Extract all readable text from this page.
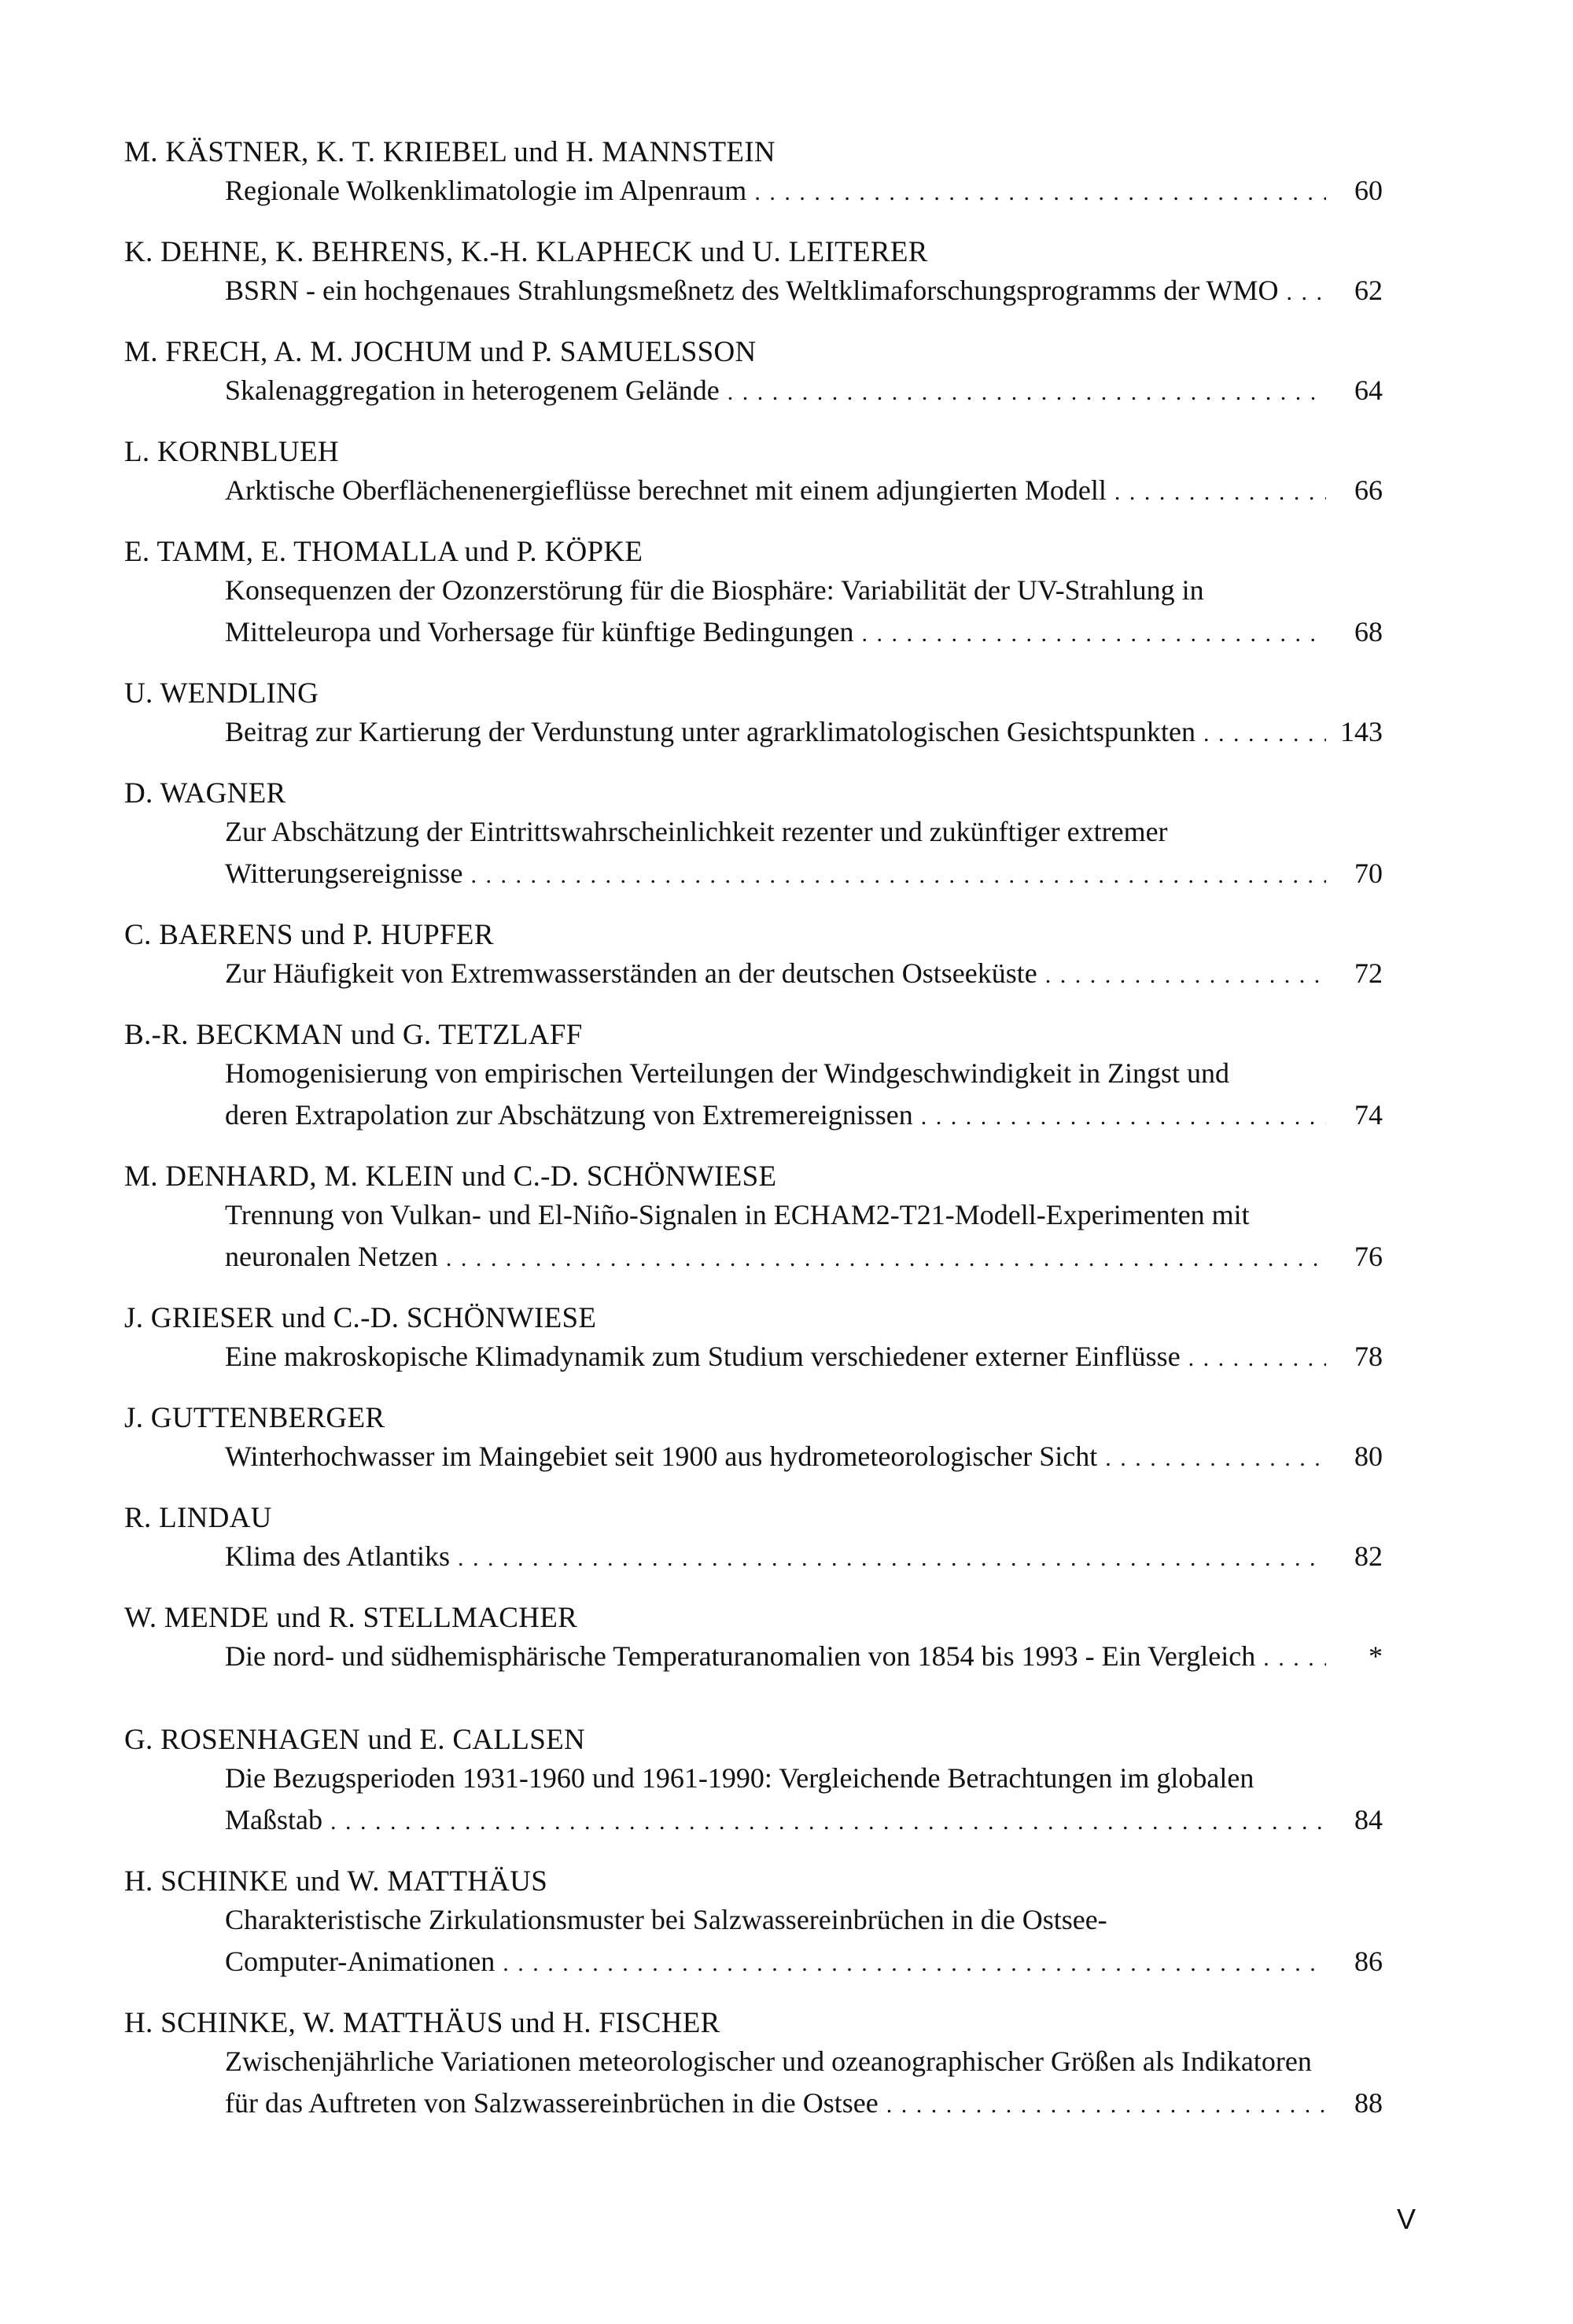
M. KÄSTNER, K. T. KRIEBEL und H. MANNSTEIN
Regionale Wolkenklimatologie im Alpenraum . . .	60
K. DEHNE, K. BEHRENS, K.-H. KLAPHECK und U. LEITERER
BSRN - ein hochgenaues Strahlungsmeßnetz des Weltklimaforschungsprogramms der WMO . . .	62
M. FRECH, A. M. JOCHUM und P. SAMUELSSON
Skalenaggregation in heterogenem Gelände . . .	64
L. KORNBLUEH
Arktische Oberflächenenergieflüsse berechnet mit einem adjungierten Modell . . .	66
E. TAMM, E. THOMALLA und P. KÖPKE
Konsequenzen der Ozonzerstörung für die Biosphäre: Variabilität der UV-Strahlung in
Mitteleuropa und Vorhersage für künftige Bedingungen . . .	68
U. WENDLING
Beitrag zur Kartierung der Verdunstung unter agrarklimatologischen Gesichtspunkten . . .	143
D. WAGNER
Zur Abschätzung der Eintrittswahrscheinlichkeit rezenter und zukünftiger extremer
Witterungsereignisse . . .	70
C. BAERENS und P. HUPFER
Zur Häufigkeit von Extremwasserständen an der deutschen Ostseeküste . . .	72
B.-R. BECKMAN und G. TETZLAFF
Homogenisierung von empirischen Verteilungen der Windgeschwindigkeit in Zingst und
deren Extrapolation zur Abschätzung von Extremereignissen . . .	74
M. DENHARD, M. KLEIN und C.-D. SCHÖNWIESE
Trennung von Vulkan- und El-Niño-Signalen in ECHAM2-T21-Modell-Experimenten mit
neuronalen Netzen . . .	76
J. GRIESER und C.-D. SCHÖNWIESE
Eine makroskopische Klimadynamik zum Studium verschiedener externer Einflüsse . . .	78
J. GUTTENBERGER
Winterhochwasser im Maingebiet seit 1900 aus hydrometeorologischer Sicht . . .	80
R. LINDAU
Klima des Atlantiks . . .	82
W. MENDE und R. STELLMACHER
Die nord- und südhemisphärische Temperaturanomalien von 1854 bis 1993 - Ein Vergleich . . .	*
G. ROSENHAGEN und E. CALLSEN
Die Bezugsperioden 1931-1960 und 1961-1990: Vergleichende Betrachtungen im globalen
Maßstab . . .	84
H. SCHINKE und W. MATTHÄUS
Charakteristische Zirkulationsmuster bei Salzwassereinbrüchen in die Ostsee-
Computer-Animationen . . .	86
H. SCHINKE, W. MATTHÄUS und H. FISCHER
Zwischenjährliche Variationen meteorologischer und ozeanographischer Größen als Indikatoren
für das Auftreten von Salzwassereinbrüchen in die Ostsee . . .	88
V
